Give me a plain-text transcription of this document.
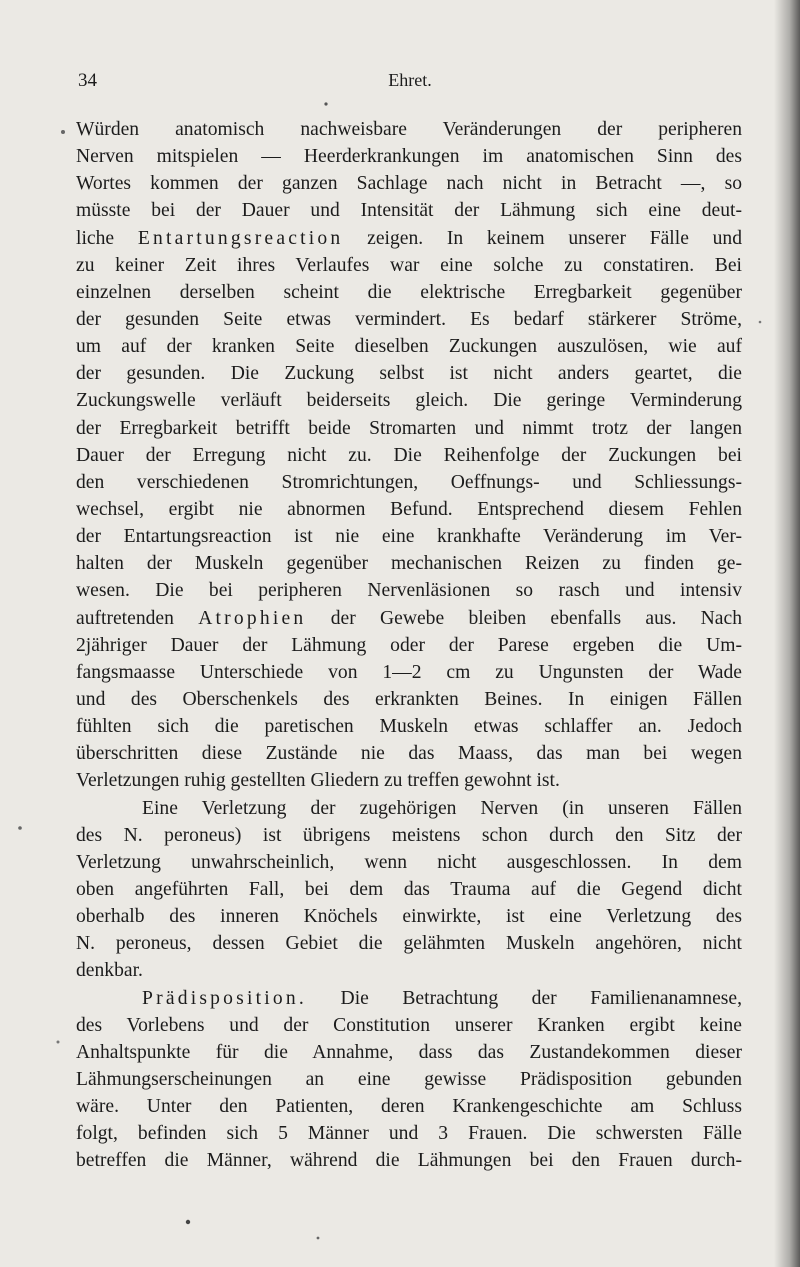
34	Ehret.
Würden anatomisch nachweisbare Veränderungen der peripheren
Nerven mitspielen — Heerderkrankungen im anatomischen Sinn des
Wortes kommen der ganzen Sachlage nach nicht in Betracht —, so
müsste bei der Dauer und Intensität der Lähmung sich eine deut-
liche Entartungsreaction zeigen. In keinem unserer Fälle und
zu keiner Zeit ihres Verlaufes war eine solche zu constatiren. Bei
einzelnen derselben scheint die elektrische Erregbarkeit gegenüber
der gesunden Seite etwas vermindert. Es bedarf stärkerer Ströme,
um auf der kranken Seite dieselben Zuckungen auszulösen, wie auf
der gesunden. Die Zuckung selbst ist nicht anders geartet, die
Zuckungswelle verläuft beiderseits gleich. Die geringe Verminderung
der Erregbarkeit betrifft beide Stromarten und nimmt trotz der langen
Dauer der Erregung nicht zu. Die Reihenfolge der Zuckungen bei
den verschiedenen Stromrichtungen, Oeffnungs- und Schliessungs-
wechsel, ergibt nie abnormen Befund. Entsprechend diesem Fehlen
der Entartungsreaction ist nie eine krankhafte Veränderung im Ver-
halten der Muskeln gegenüber mechanischen Reizen zu finden ge-
wesen. Die bei peripheren Nervenläsionen so rasch und intensiv
auftretenden Atrophien der Gewebe bleiben ebenfalls aus. Nach
2jähriger Dauer der Lähmung oder der Parese ergeben die Um-
fangsmaasse Unterschiede von 1—2 cm zu Ungunsten der Wade
und des Oberschenkels des erkrankten Beines. In einigen Fällen
fühlten sich die paretischen Muskeln etwas schlaffer an. Jedoch
überschritten diese Zustände nie das Maass, das man bei wegen
Verletzungen ruhig gestellten Gliedern zu treffen gewohnt ist.
Eine Verletzung der zugehörigen Nerven (in unseren Fällen
des N. peroneus) ist übrigens meistens schon durch den Sitz der
Verletzung unwahrscheinlich, wenn nicht ausgeschlossen. In dem
oben angeführten Fall, bei dem das Trauma auf die Gegend dicht
oberhalb des inneren Knöchels einwirkte, ist eine Verletzung des
N. peroneus, dessen Gebiet die gelähmten Muskeln angehören, nicht
denkbar.
Prädisposition. Die Betrachtung der Familienanamnese,
des Vorlebens und der Constitution unserer Kranken ergibt keine
Anhaltspunkte für die Annahme, dass das Zustandekommen dieser
Lähmungserscheinungen an eine gewisse Prädisposition gebunden
wäre. Unter den Patienten, deren Krankengeschichte am Schluss
folgt, befinden sich 5 Männer und 3 Frauen. Die schwersten Fälle
betreffen die Männer, während die Lähmungen bei den Frauen durch-
